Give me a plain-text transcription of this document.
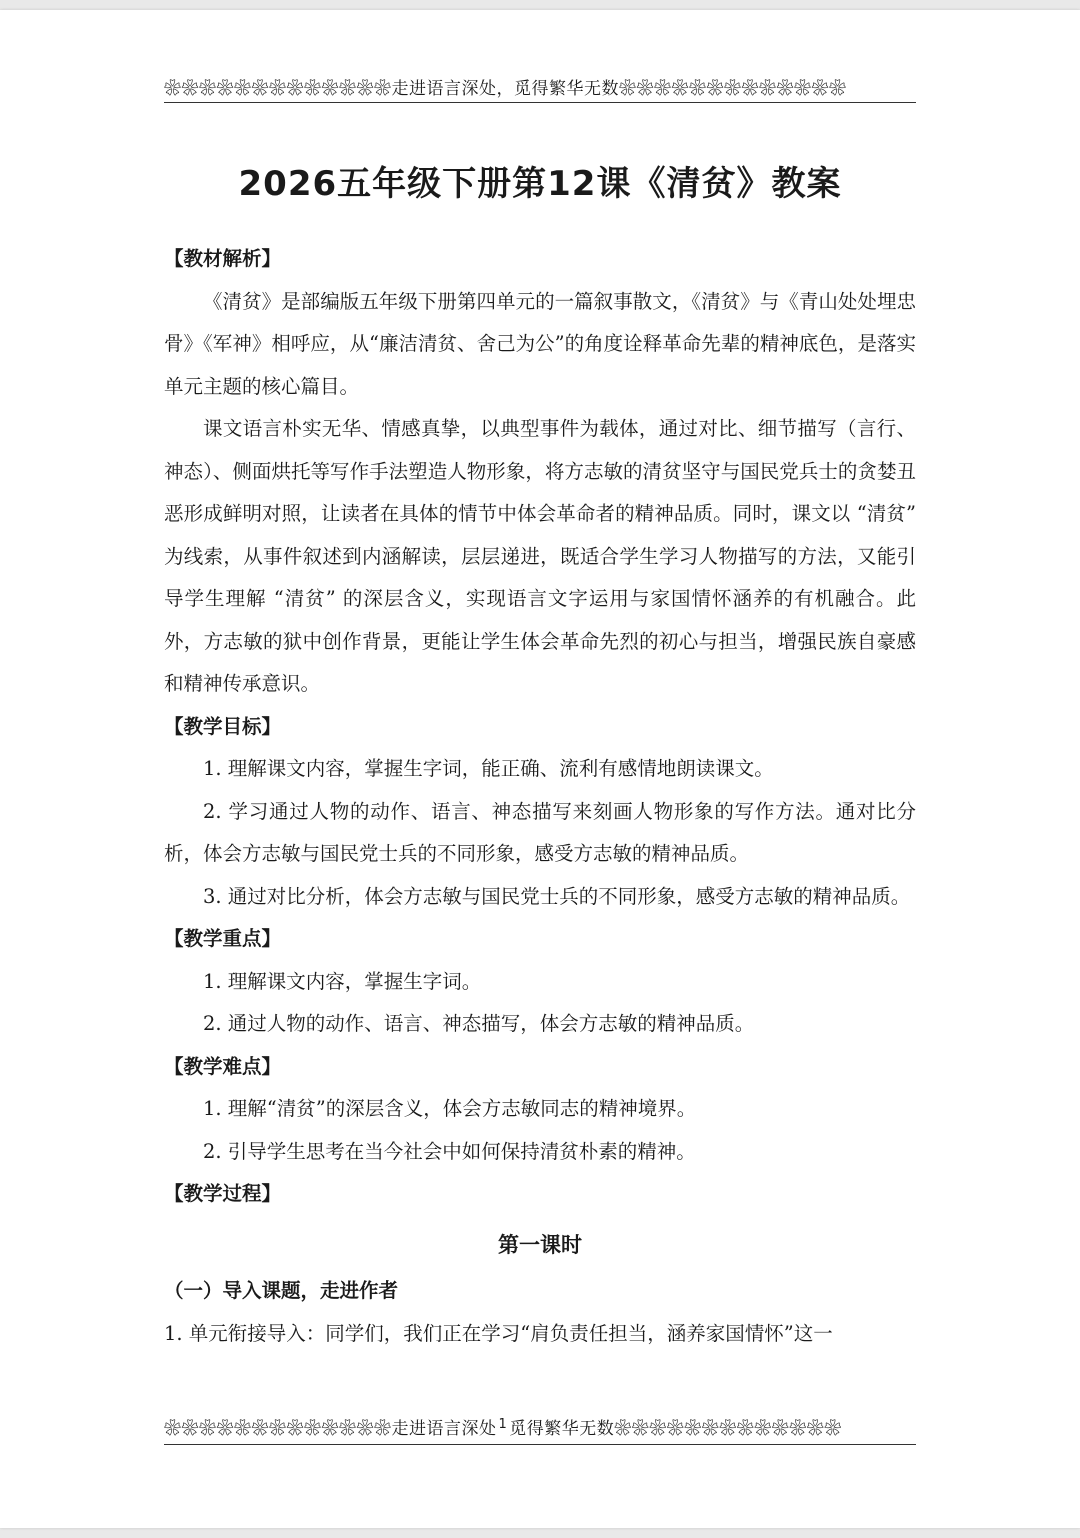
❀❀❀❀❀❀❀❀❀❀❀❀❀走进语言深处，觅得繁华无数❀❀❀❀❀❀❀❀❀❀❀❀❀
2026五年级下册第12课《清贫》教案

【教材解析】

《清贫》是部编版五年级下册第四单元的一篇叙事散文，《清贫》与《青山处处埋忠骨》《军神》相呼应，从“廉洁清贫、舍己为公”的角度诠释革命先辈的精神底色，是落实单元主题的核心篇目。

课文语言朴实无华、情感真挚，以典型事件为载体，通过对比、细节描写（言行、神态）、侧面烘托等写作手法塑造人物形象，将方志敏的清贫坚守与国民党兵士的贪婪丑恶形成鲜明对照，让读者在具体的情节中体会革命者的精神品质。同时，课文以 “清贫” 为线索，从事件叙述到内涵解读，层层递进，既适合学生学习人物描写的方法，又能引导学生理解 “清贫” 的深层含义，实现语言文字运用与家国情怀涵养的有机融合。此外，方志敏的狱中创作背景，更能让学生体会革命先烈的初心与担当，增强民族自豪感和精神传承意识。

【教学目标】

1. 理解课文内容，掌握生字词，能正确、流利有感情地朗读课文。

2. 学习通过人物的动作、语言、神态描写来刻画人物形象的写作方法。通对比分析，体会方志敏与国民党士兵的不同形象，感受方志敏的精神品质。

3. 通过对比分析，体会方志敏与国民党士兵的不同形象，感受方志敏的精神品质。

【教学重点】

1. 理解课文内容，掌握生字词。

2. 通过人物的动作、语言、神态描写，体会方志敏的精神品质。

【教学难点】

1. 理解“清贫”的深层含义，体会方志敏同志的精神境界。

2. 引导学生思考在当今社会中如何保持清贫朴素的精神。

【教学过程】

第一课时

（一）导入课题，走进作者

1. 单元衔接导入：同学们，我们正在学习“肩负责任担当，涵养家国情怀”这一

❀❀❀❀❀❀❀❀❀❀❀❀❀走进语言深处 $^1$ 觅得繁华无数❀❀❀❀❀❀❀❀❀❀❀❀❀
